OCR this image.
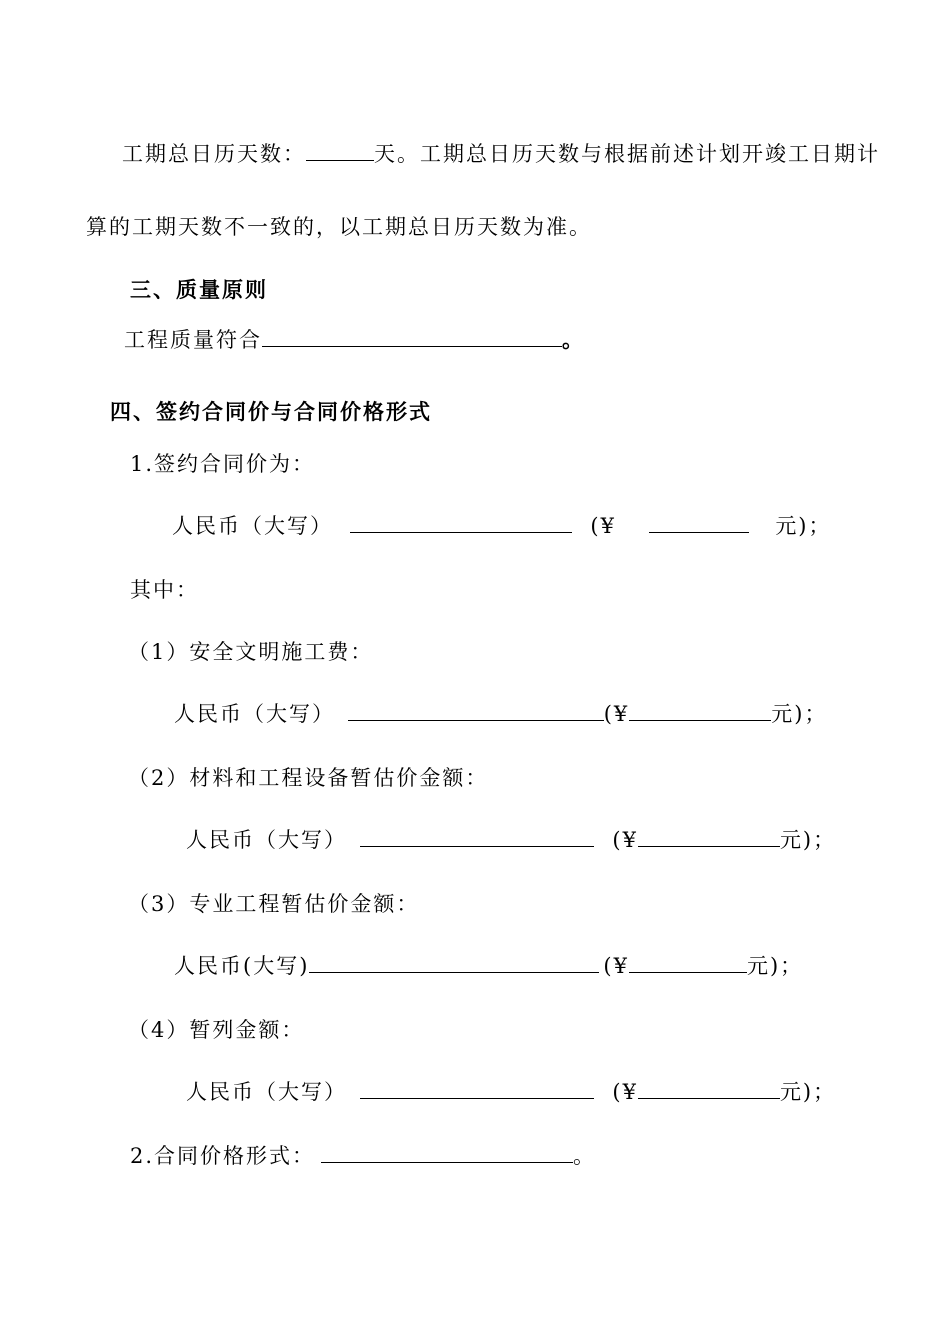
工期总日历天数：	天。工期总日历天数与根据前述计划开竣工日期计
算的工期天数不一致的，以工期总日历天数为准。
三、质量原则
工程质量符合	。
四、签约合同价与合同价格形式
1.签约合同价为：
人民币（大写）	(¥	元)；
其中：
（1）安全文明施工费：
人民币（大写）	(¥	元)；
（2）材料和工程设备暂估价金额：
人民币（大写）	(¥	元)；
（3）专业工程暂估价金额：
人民币(大写)	(¥	元)；
（4）暂列金额：
人民币（大写）	(¥	元)；
2.合同价格形式：	。
